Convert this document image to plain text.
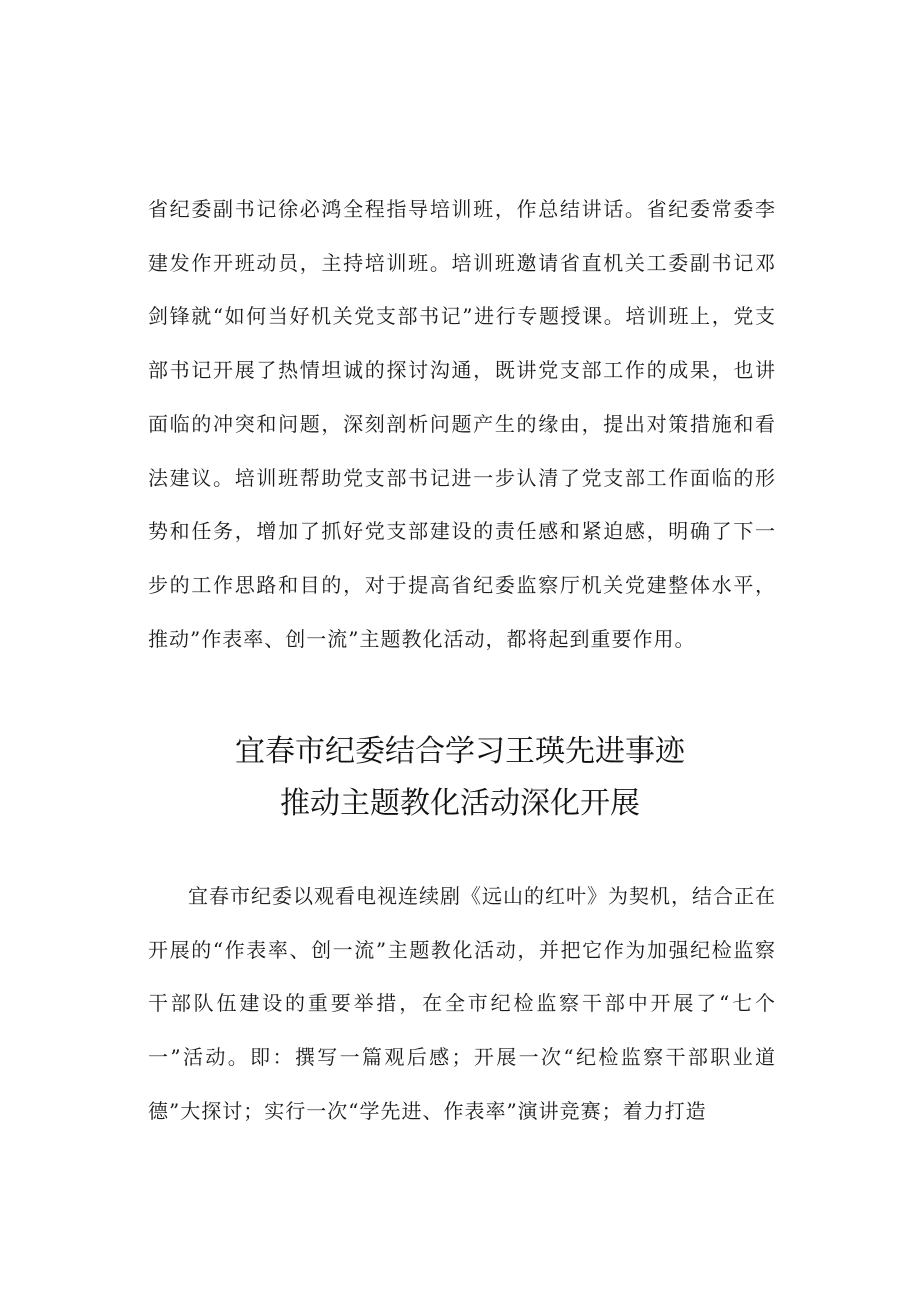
省纪委副书记徐必鸿全程指导培训班，作总结讲话。省纪委常委李建发作开班动员，主持培训班。培训班邀请省直机关工委副书记邓剑锋就“如何当好机关党支部书记”进行专题授课。培训班上，党支部书记开展了热情坦诚的探讨沟通，既讲党支部工作的成果，也讲面临的冲突和问题，深刻剖析问题产生的缘由，提出对策措施和看法建议。培训班帮助党支部书记进一步认清了党支部工作面临的形势和任务，增加了抓好党支部建设的责任感和紧迫感，明确了下一步的工作思路和目的，对于提高省纪委监察厅机关党建整体水平，推动”作表率、创一流”主题教化活动，都将起到重要作用。

宜春市纪委结合学习王瑛先进事迹
推动主题教化活动深化开展

宜春市纪委以观看电视连续剧《远山的红叶》为契机，结合正在开展的“作表率、创一流”主题教化活动，并把它作为加强纪检监察干部队伍建设的重要举措，在全市纪检监察干部中开展了“七个一”活动。即：撰写一篇观后感；开展一次“纪检监察干部职业道德”大探讨；实行一次“学先进、作表率”演讲竞赛；着力打造
